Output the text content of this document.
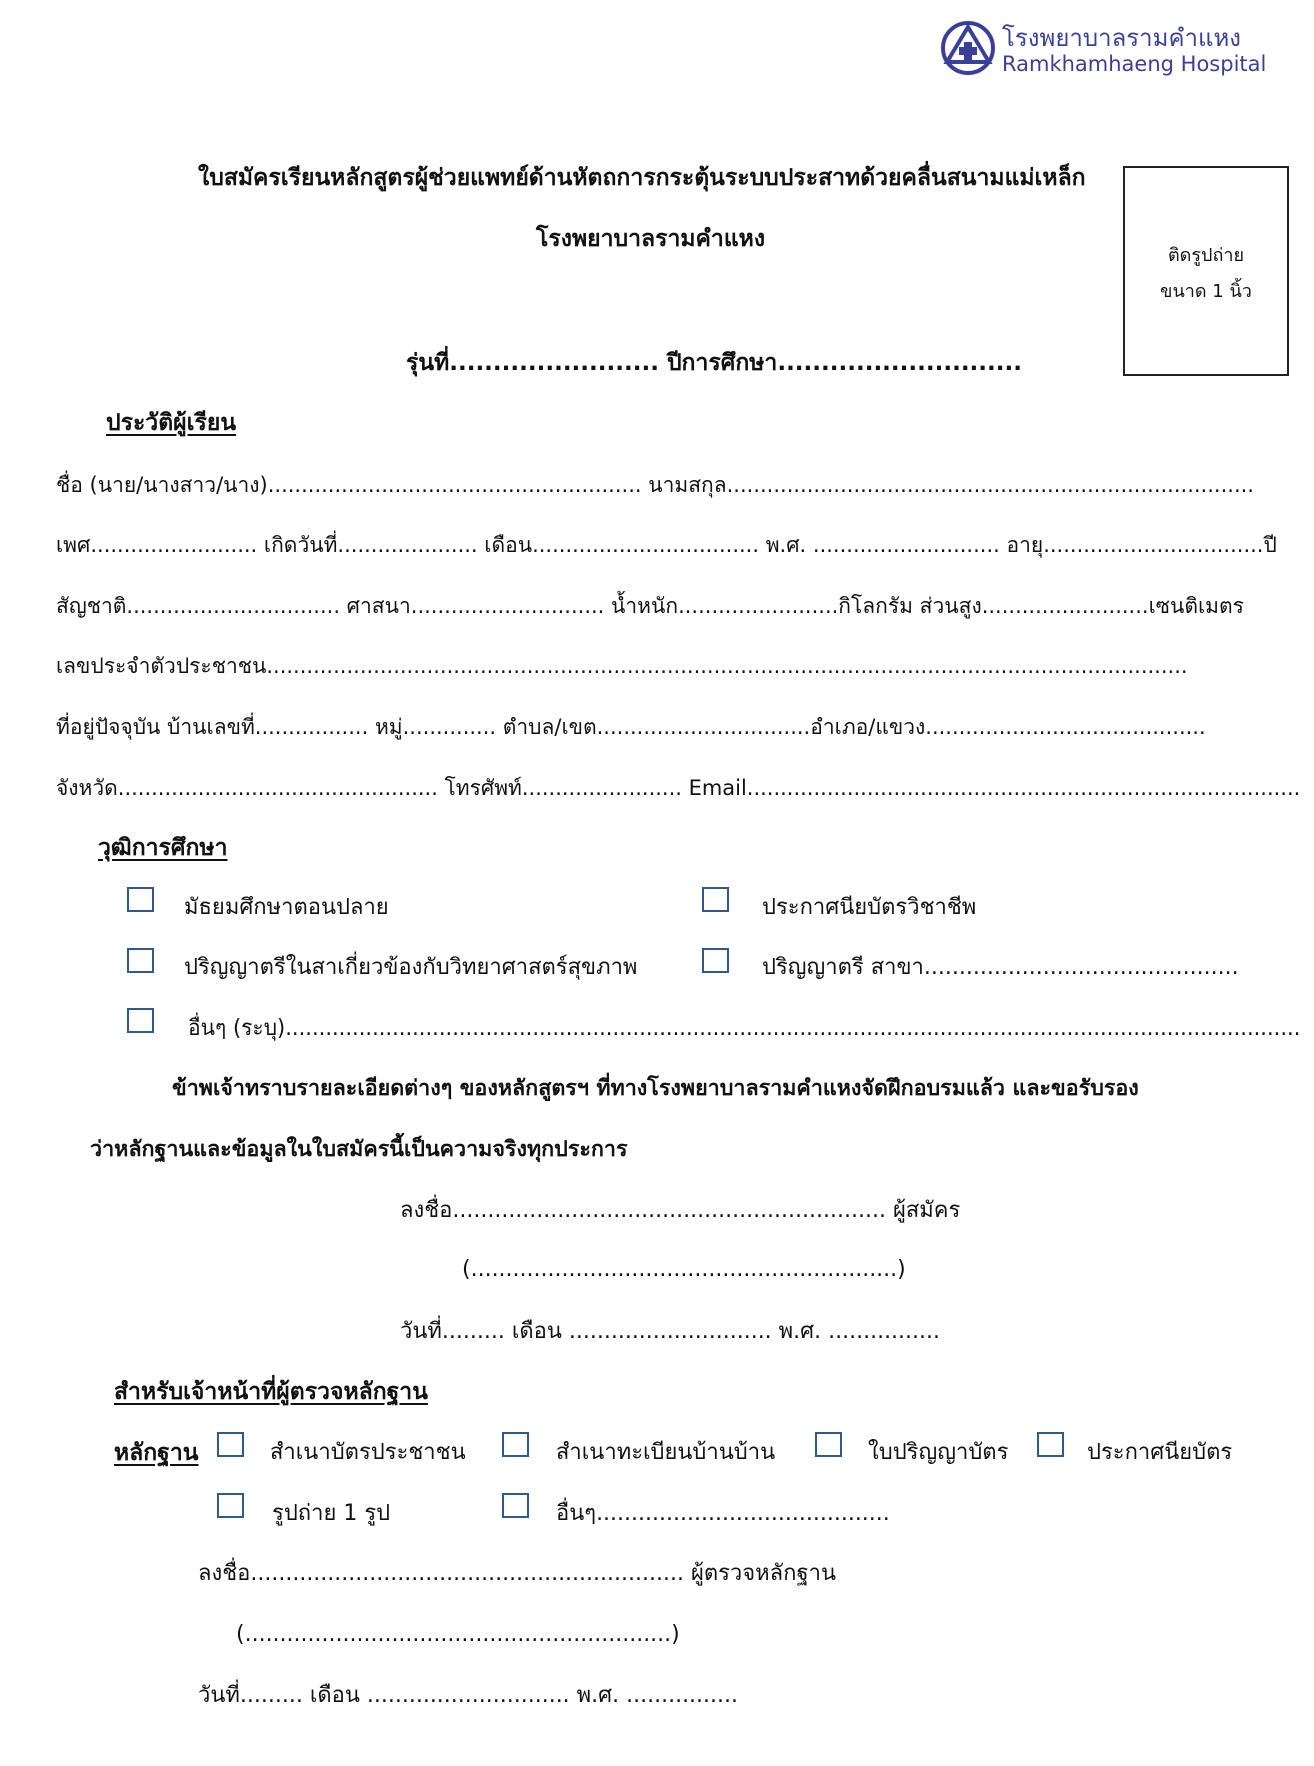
โรงพยาบาลรามคำแหง
Ramkhamhaeng Hospital
ใบสมัครเรียนหลักสูตรผู้ช่วยแพทย์ด้านหัตถการกระตุ้นระบบประสาทด้วยคลื่นสนามแม่เหล็ก
โรงพยาบาลรามคำแหง
รุ่นที่........................ ปีการศึกษา............................
ติดรูปถ่าย
ขนาด 1 นิ้ว
ประวัติผู้เรียน
ชื่อ (นาย/นางสาว/นาง)........................................................ นามสกุล...............................................................................
เพศ......................... เกิดวันที่..................... เดือน.................................. พ.ศ. ............................ อายุ.................................ปี
สัญชาติ................................ ศาสนา............................. น้ำหนัก........................กิโลกรัม ส่วนสูง.........................เซนติเมตร
เลขประจำตัวประชาชน..........................................................................................................................................
ที่อยู่ปัจจุบัน บ้านเลขที่................. หมู่.............. ตำบล/เขต................................อำเภอ/แขวง..........................................
จังหวัด................................................ โทรศัพท์........................ Email...................................................................................
วุฒิการศึกษา
มัธยมศึกษาตอนปลาย	ประกาศนียบัตรวิชาชีพ
ปริญญาตรีในสาเกี่ยวข้องกับวิทยาศาสตร์สุขภาพ	ปริญญาตรี สาขา.............................................
อื่นๆ (ระบุ)........................................................................................................................................................
ข้าพเจ้าทราบรายละเอียดต่างๆ ของหลักสูตรฯ ที่ทางโรงพยาบาลรามคำแหงจัดฝึกอบรมแล้ว และขอรับรอง
ว่าหลักฐานและข้อมูลในใบสมัครนี้เป็นความจริงทุกประการ
ลงชื่อ.............................................................. ผู้สมัคร
(.............................................................)
วันที่......... เดือน ............................. พ.ศ. ................
สำหรับเจ้าหน้าที่ผู้ตรวจหลักฐาน
หลักฐาน	สำเนาบัตรประชาชน	สำเนาทะเบียนบ้านบ้าน	ใบปริญญาบัตร	ประกาศนียบัตร
รูปถ่าย 1 รูป	อื่นๆ..........................................
ลงชื่อ.............................................................. ผู้ตรวจหลักฐาน
(.............................................................)
วันที่......... เดือน ............................. พ.ศ. ................
